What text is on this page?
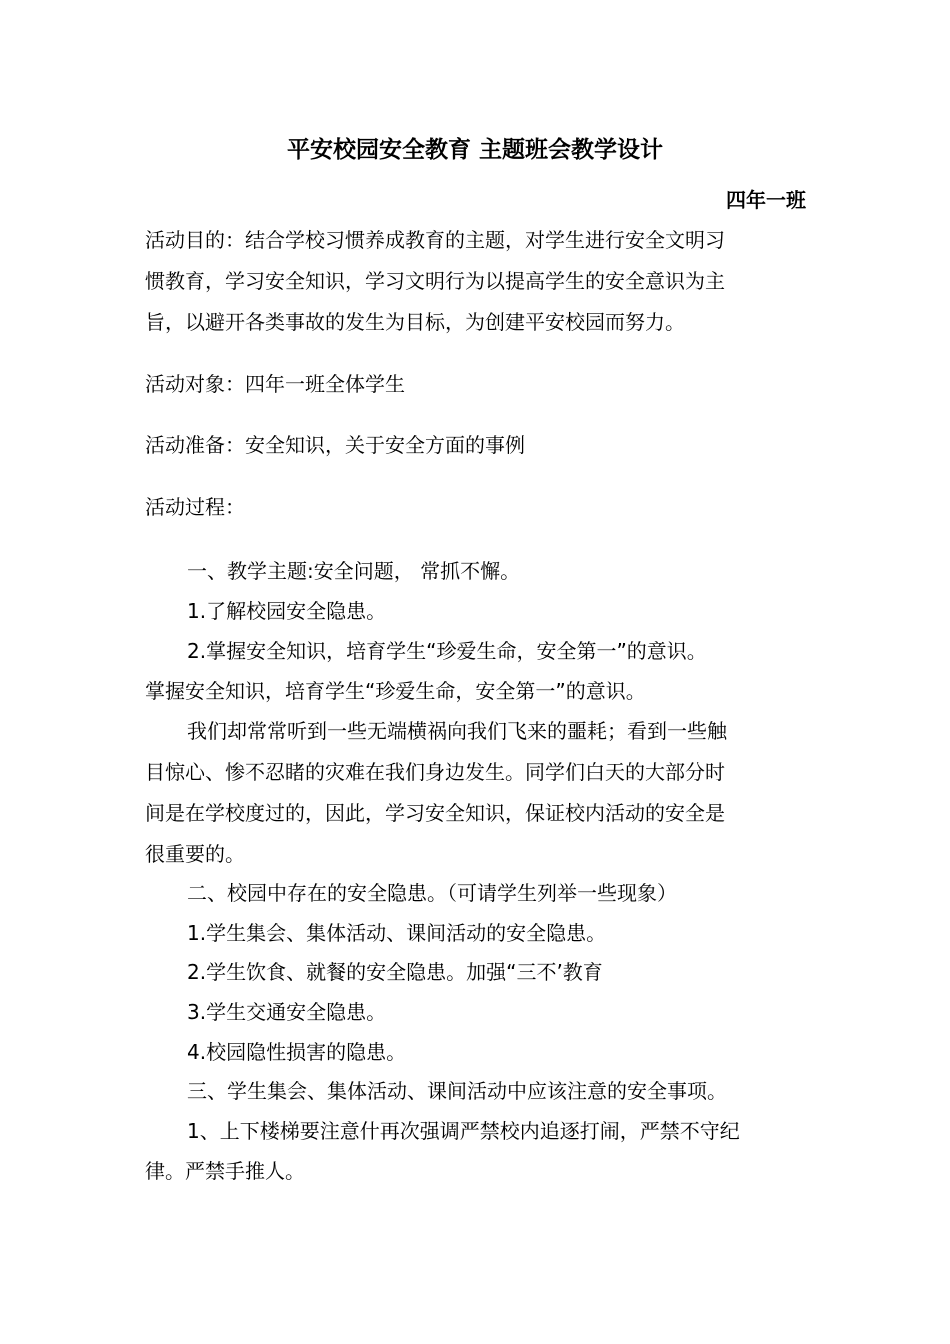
平安校园安全教育 主题班会教学设计
四年一班
活动目的：结合学校习惯养成教育的主题，对学生进行安全文明习
惯教育，学习安全知识，学习文明行为以提高学生的安全意识为主
旨，以避开各类事故的发生为目标，为创建平安校园而努力。
活动对象：四年一班全体学生
活动准备：安全知识，关于安全方面的事例
活动过程：
一、教学主题:安全问题， 常抓不懈。
1.了解校园安全隐患。
2.掌握安全知识，培育学生“珍爱生命，安全第一”的意识。
掌握安全知识，培育学生“珍爱生命，安全第一”的意识。
我们却常常听到一些无端横祸向我们飞来的噩耗；看到一些触
目惊心、惨不忍睹的灾难在我们身边发生。同学们白天的大部分时
间是在学校度过的，因此，学习安全知识，保证校内活动的安全是
很重要的。
二、校园中存在的安全隐患。（可请学生列举一些现象）
1.学生集会、集体活动、课间活动的安全隐患。
2.学生饮食、就餐的安全隐患。加强“三不’教育
3.学生交通安全隐患。
4.校园隐性损害的隐患。
三、学生集会、集体活动、课间活动中应该注意的安全事项。
1、上下楼梯要注意什再次强调严禁校内追逐打闹，严禁不守纪
律。严禁手推人。
